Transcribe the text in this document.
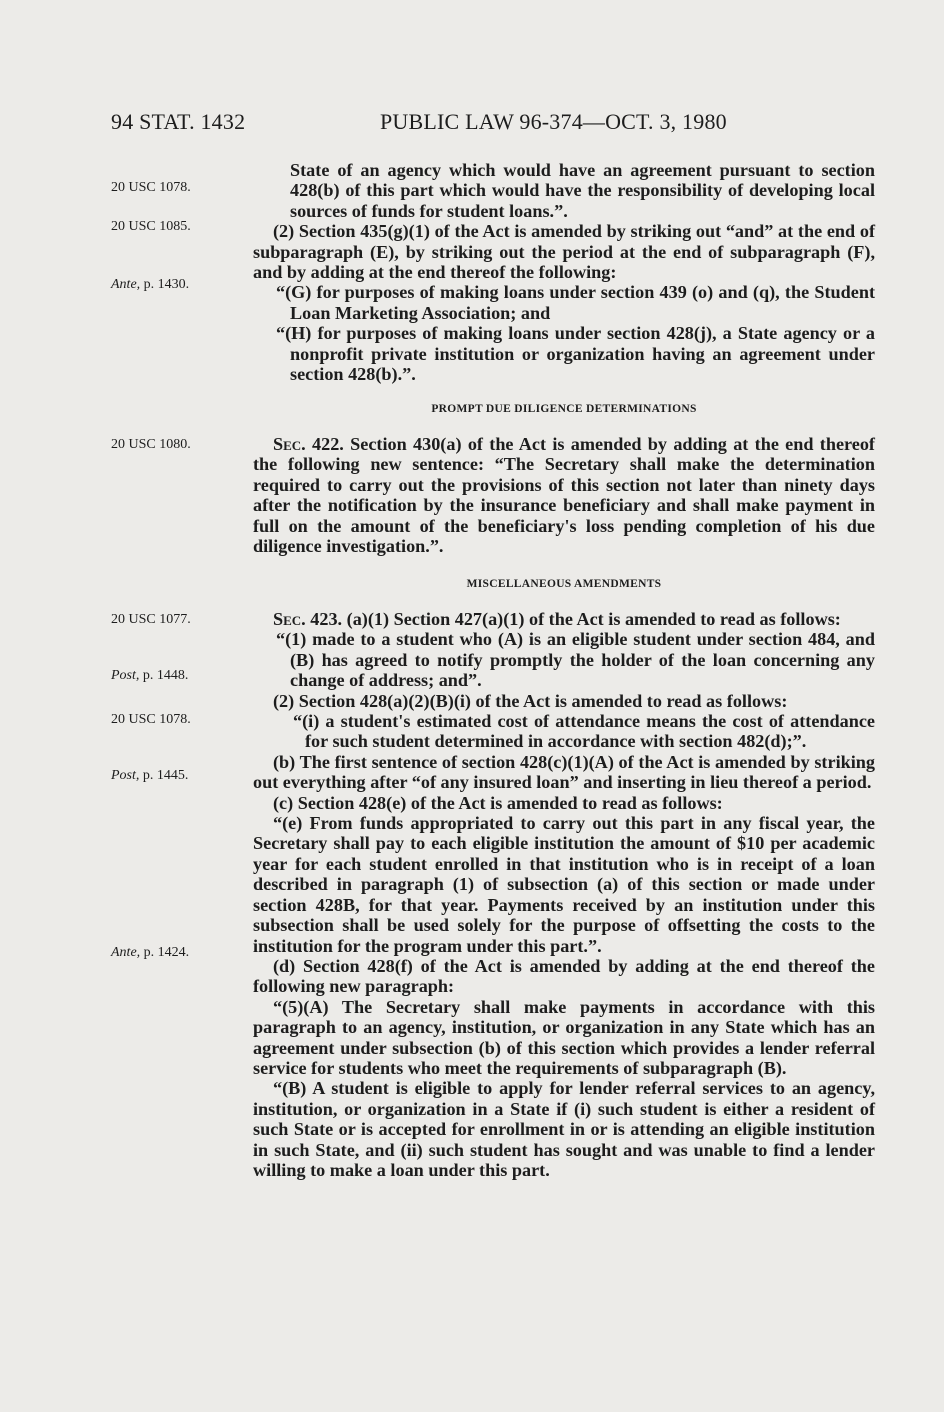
94 STAT. 1432	PUBLIC LAW 96-374—OCT. 3, 1980
20 USC 1078.
20 USC 1085.
Ante, p. 1430.
20 USC 1080.
20 USC 1077.
Post, p. 1448.
20 USC 1078.
Post, p. 1445.
Ante, p. 1424.

State of an agency which would have an agreement pursuant to section 428(b) of this part which would have the responsibility of developing local sources of funds for student loans.”.

(2) Section 435(g)(1) of the Act is amended by striking out “and” at the end of subparagraph (E), by striking out the period at the end of subparagraph (F), and by adding at the end thereof the following:

“(G) for purposes of making loans under section 439 (o) and (q), the Student Loan Marketing Association; and

“(H) for purposes of making loans under section 428(j), a State agency or a nonprofit private institution or organization having an agreement under section 428(b).”.

PROMPT DUE DILIGENCE DETERMINATIONS

Sec. 422. Section 430(a) of the Act is amended by adding at the end thereof the following new sentence: “The Secretary shall make the determination required to carry out the provisions of this section not later than ninety days after the notification by the insurance beneficiary and shall make payment in full on the amount of the beneficiary's loss pending completion of his due diligence investigation.”.

MISCELLANEOUS AMENDMENTS

Sec. 423. (a)(1) Section 427(a)(1) of the Act is amended to read as follows:

“(1) made to a student who (A) is an eligible student under section 484, and (B) has agreed to notify promptly the holder of the loan concerning any change of address; and”.

(2) Section 428(a)(2)(B)(i) of the Act is amended to read as follows:

“(i) a student's estimated cost of attendance means the cost of attendance for such student determined in accordance with section 482(d);”.

(b) The first sentence of section 428(c)(1)(A) of the Act is amended by striking out everything after “of any insured loan” and inserting in lieu thereof a period.

(c) Section 428(e) of the Act is amended to read as follows:

“(e) From funds appropriated to carry out this part in any fiscal year, the Secretary shall pay to each eligible institution the amount of $10 per academic year for each student enrolled in that institution who is in receipt of a loan described in paragraph (1) of subsection (a) of this section or made under section 428B, for that year. Payments received by an institution under this subsection shall be used solely for the purpose of offsetting the costs to the institution for the program under this part.”.

(d) Section 428(f) of the Act is amended by adding at the end thereof the following new paragraph:

“(5)(A) The Secretary shall make payments in accordance with this paragraph to an agency, institution, or organization in any State which has an agreement under subsection (b) of this section which provides a lender referral service for students who meet the requirements of subparagraph (B).

“(B) A student is eligible to apply for lender referral services to an agency, institution, or organization in a State if (i) such student is either a resident of such State or is accepted for enrollment in or is attending an eligible institution in such State, and (ii) such student has sought and was unable to find a lender willing to make a loan under this part.
